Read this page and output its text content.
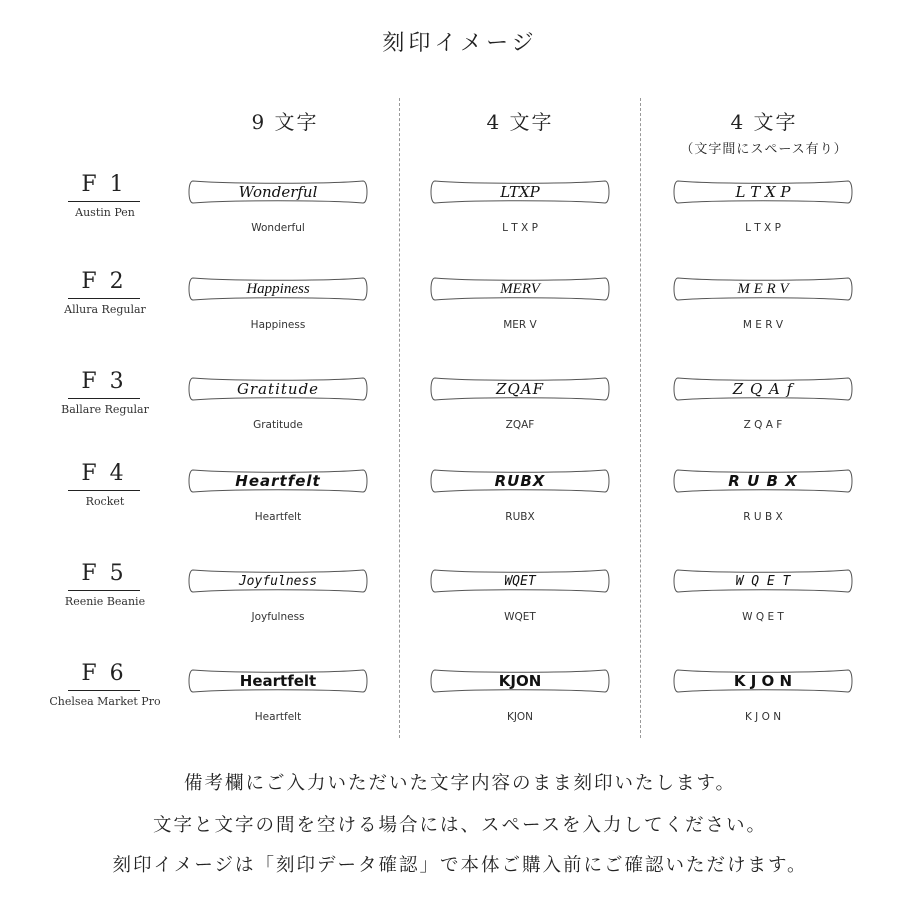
刻印イメージ
9 文字	4 文字	4 文字
（文字間にスペース有り）
F 1
Austin Pen
Wonderful
Wonderful
LTXP
L T X P
L T X P
L T X P
F 2
Allura Regular
Happiness
Happiness
MERV
MER V
M E R V
M E R V
F 3
Ballare Regular
Gratitude
Gratitude
ZQAF
ZQAF
Z Q A f
Z Q A F
F 4
Rocket
Heartfelt
Heartfelt
RUBX
RUBX
R U B X
R U B X
F 5
Reenie Beanie
Joyfulness
Joyfulness
WQET
WQET
W Q E T
W Q E T
F 6
Chelsea Market Pro
Heartfelt
Heartfelt
KJON
KJON
K J O N
K J O N
備考欄にご入力いただいた文字内容のまま刻印いたします。
文字と文字の間を空ける場合には、スペースを入力してください。
刻印イメージは「刻印データ確認」で本体ご購入前にご確認いただけます。
